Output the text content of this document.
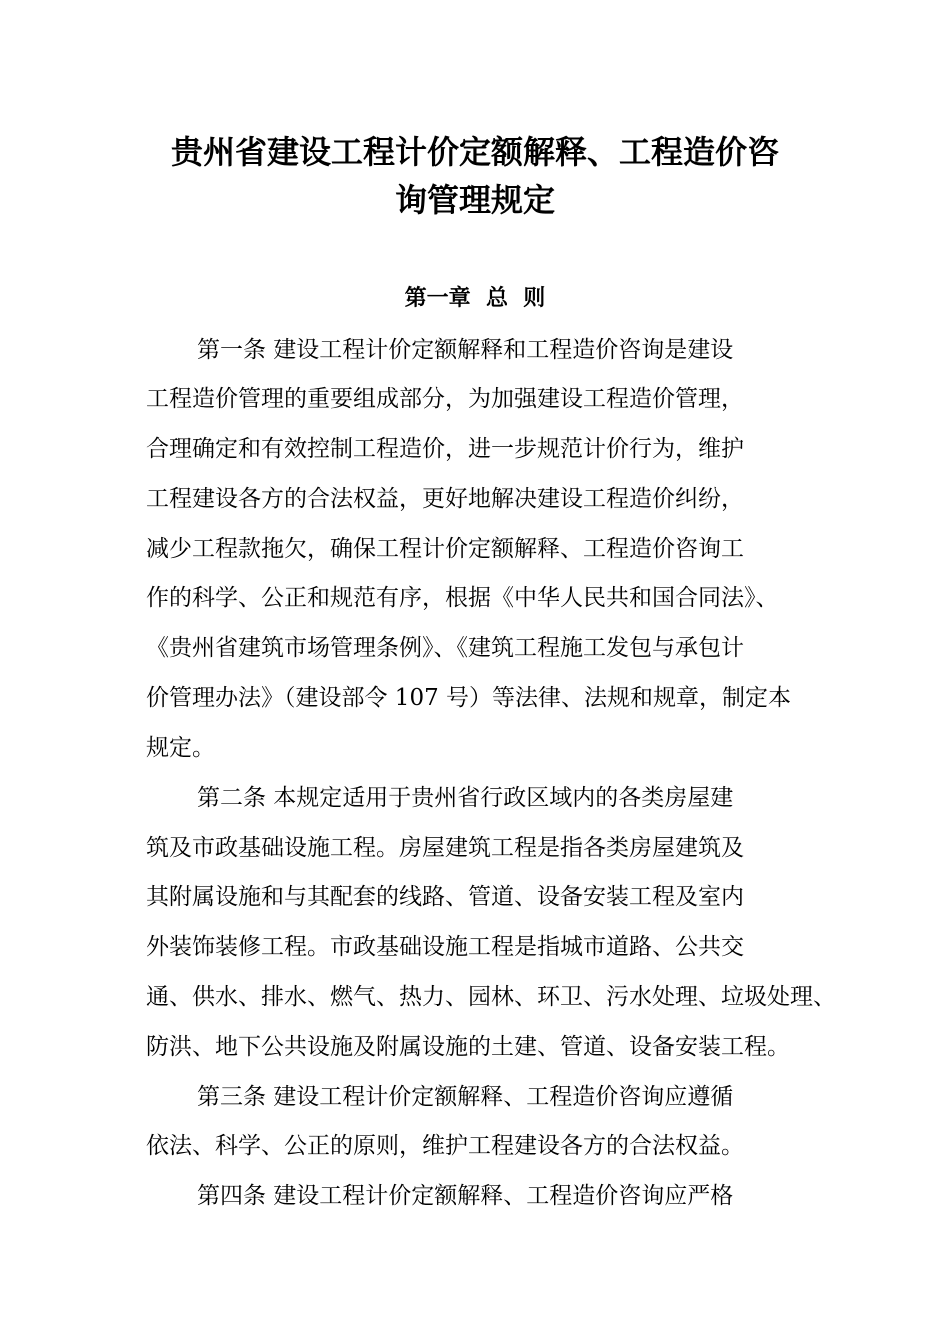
贵州省建设工程计价定额解释、工程造价咨
询管理规定
第一章  总  则
第一条 建设工程计价定额解释和工程造价咨询是建设
工程造价管理的重要组成部分，为加强建设工程造价管理，
合理确定和有效控制工程造价，进一步规范计价行为，维护
工程建设各方的合法权益，更好地解决建设工程造价纠纷，
减少工程款拖欠，确保工程计价定额解释、工程造价咨询工
作的科学、公正和规范有序，根据《中华人民共和国合同法》、
《贵州省建筑市场管理条例》、《建筑工程施工发包与承包计
价管理办法》（建设部令 107 号）等法律、法规和规章，制定本
规定。
第二条 本规定适用于贵州省行政区域内的各类房屋建
筑及市政基础设施工程。房屋建筑工程是指各类房屋建筑及
其附属设施和与其配套的线路、管道、设备安装工程及室内
外装饰装修工程。市政基础设施工程是指城市道路、公共交
通、供水、排水、燃气、热力、园林、环卫、污水处理、垃圾处理、
防洪、地下公共设施及附属设施的土建、管道、设备安装工程。
第三条 建设工程计价定额解释、工程造价咨询应遵循
依法、科学、公正的原则，维护工程建设各方的合法权益。
第四条 建设工程计价定额解释、工程造价咨询应严格
